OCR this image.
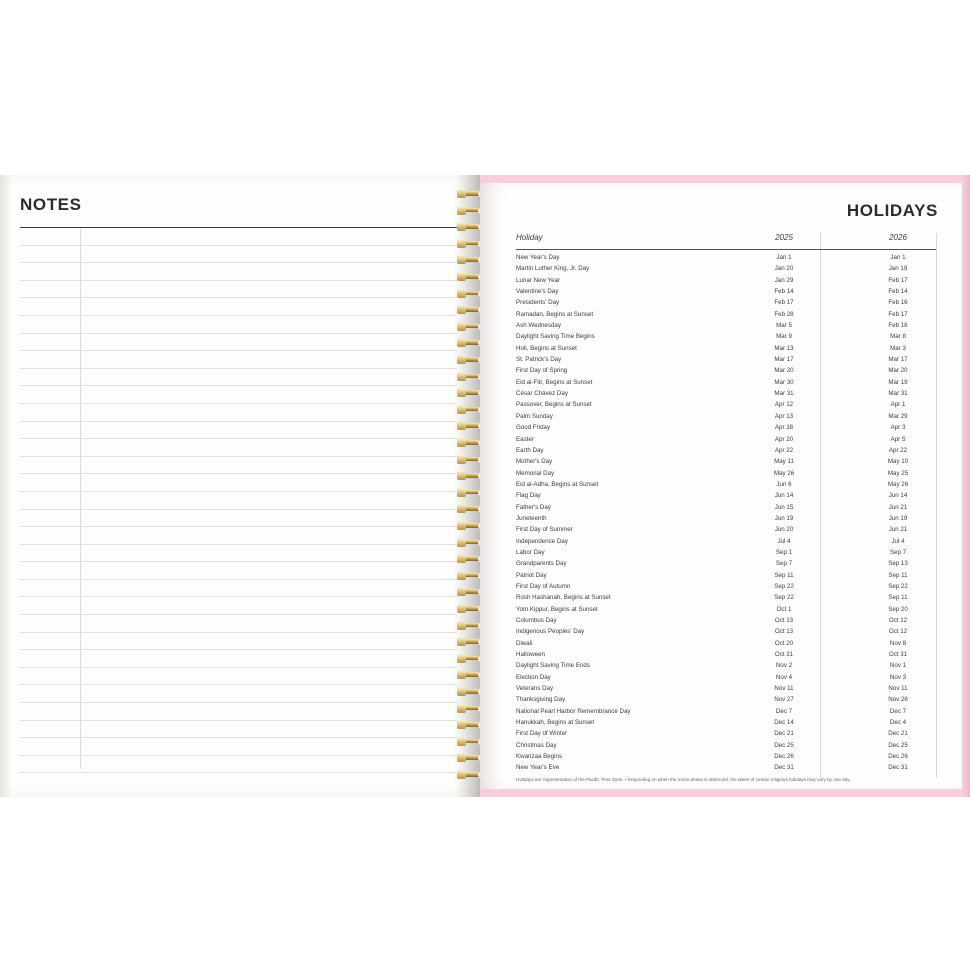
NOTES	HOLIDAYS
Holiday	2025	2026
New Year's Day	Jan 1	Jan 1
Martin Luther King, Jr. Day	Jan 20	Jan 19
Lunar New Year	Jan 29	Feb 17
Valentine's Day	Feb 14	Feb 14
Presidents' Day	Feb 17	Feb 16
Ramadan, Begins at Sunset	Feb 28	Feb 17
Ash Wednesday	Mar 5	Feb 18
Daylight Saving Time Begins	Mar 9	Mar 8
Holi, Begins at Sunset	Mar 13	Mar 3
St. Patrick's Day	Mar 17	Mar 17
First Day of Spring	Mar 20	Mar 20
Eid al-Fitr, Begins at Sunset	Mar 30	Mar 19
César Chávez Day	Mar 31	Mar 31
Passover, Begins at Sunset	Apr 12	Apr 1
Palm Sunday	Apr 13	Mar 29
Good Friday	Apr 18	Apr 3
Easter	Apr 20	Apr 5
Earth Day	Apr 22	Apr 22
Mother's Day	May 11	May 10
Memorial Day	May 26	May 25
Eid al-Adha, Begins at Sunset	Jun 6	May 26
Flag Day	Jun 14	Jun 14
Father's Day	Jun 15	Jun 21
Juneteenth	Jun 19	Jun 19
First Day of Summer	Jun 20	Jun 21
Independence Day	Jul 4	Jul 4
Labor Day	Sep 1	Sep 7
Grandparents Day	Sep 7	Sep 13
Patriot Day	Sep 11	Sep 11
First Day of Autumn	Sep 22	Sep 22
Rosh Hashanah, Begins at Sunset	Sep 22	Sep 11
Yom Kippur, Begins at Sunset	Oct 1	Sep 20
Columbus Day	Oct 13	Oct 12
Indigenous Peoples' Day	Oct 13	Oct 12
Diwali	Oct 20	Nov 8
Halloween	Oct 31	Oct 31
Daylight Saving Time Ends	Nov 2	Nov 1
Election Day	Nov 4	Nov 3
Veterans Day	Nov 11	Nov 11
Thanksgiving Day	Nov 27	Nov 26
National Pearl Harbor Remembrance Day	Dec 7	Dec 7
Hanukkah, Begins at Sunset	Dec 14	Dec 4
First Day of Winter	Dec 21	Dec 21
Christmas Day	Dec 25	Dec 25
Kwanzaa Begins	Dec 26	Dec 26
New Year's Eve	Dec 31	Dec 31
Holidays are representative of the Pacific Time Zone. • Depending on when the moon phase is observed, the dates of certain religious holidays may vary by one day.
